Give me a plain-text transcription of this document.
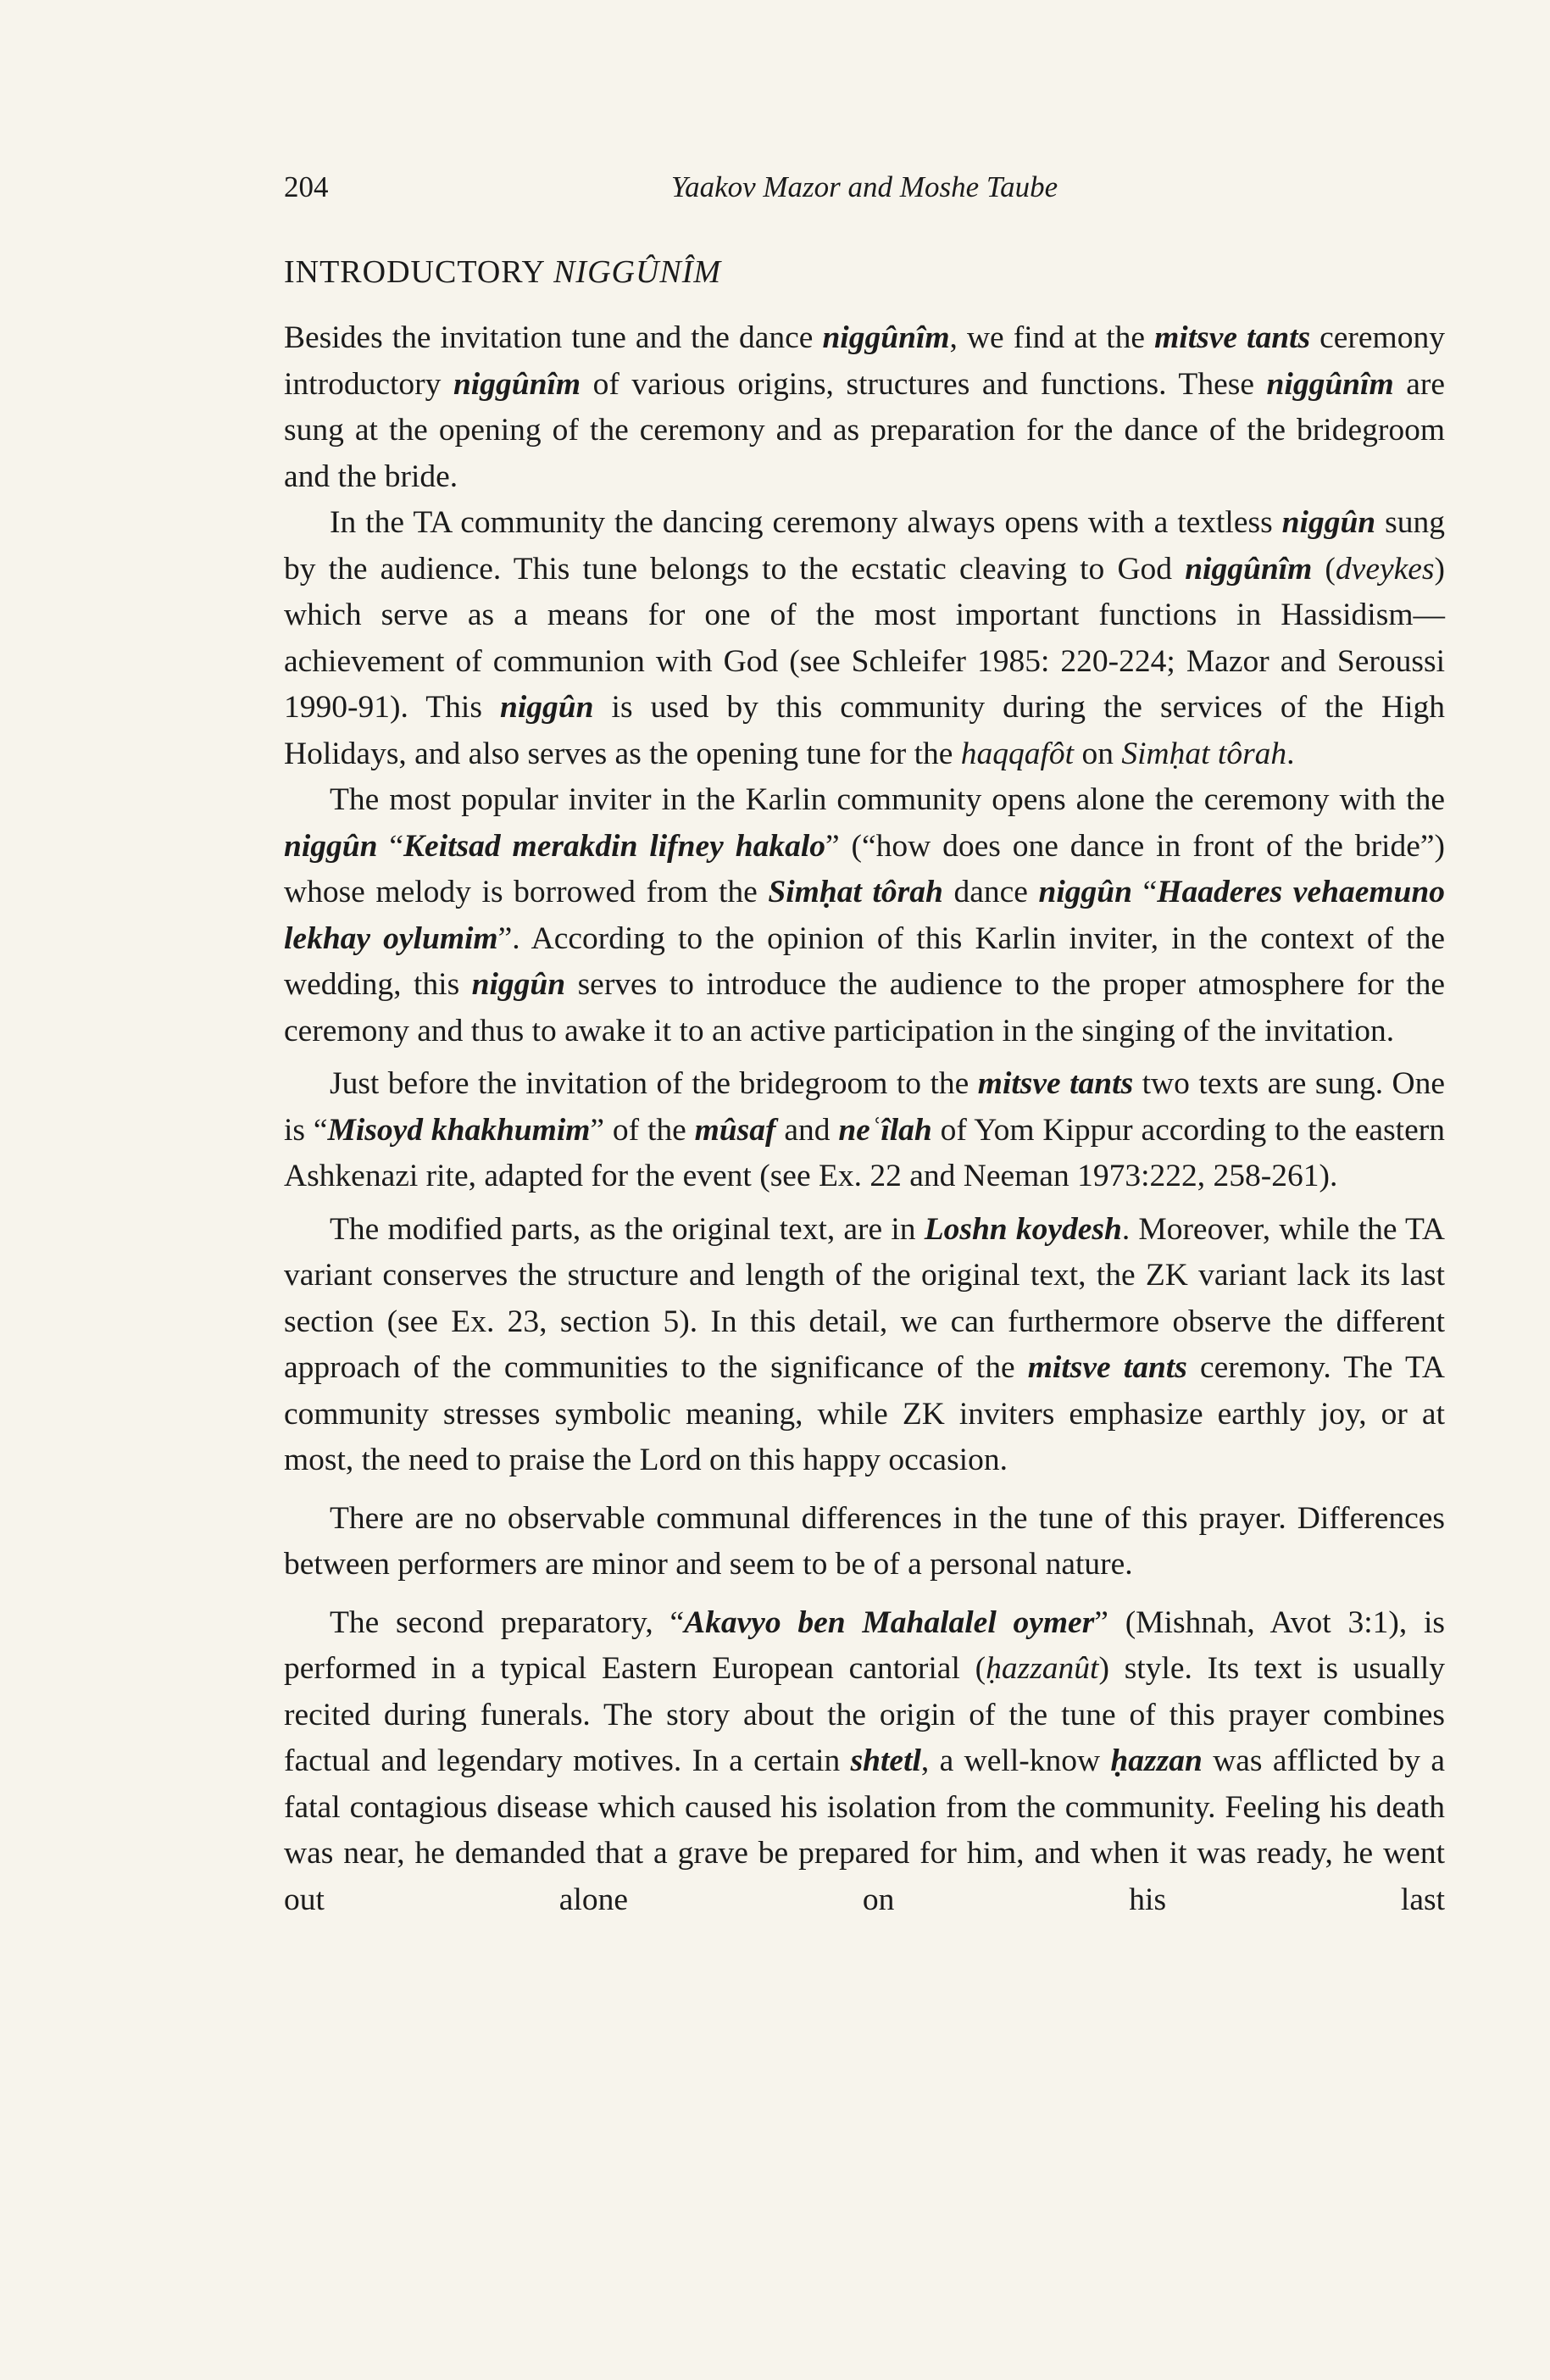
204	Yaakov Mazor and Moshe Taube
INTRODUCTORY NIGGÛNÎM

Besides the invitation tune and the dance niggûnîm, we find at the mitsve tants ceremony introductory niggûnîm of various origins, structures and functions. These niggûnîm are sung at the opening of the ceremony and as preparation for the dance of the bridegroom and the bride.

In the TA community the dancing ceremony always opens with a textless niggûn sung by the audience. This tune belongs to the ecstatic cleaving to God niggûnîm (dveykes) which serve as a means for one of the most important functions in Hassidism—achievement of communion with God (see Schleifer 1985: 220-224; Mazor and Seroussi 1990-91). This niggûn is used by this community during the services of the High Holidays, and also serves as the opening tune for the haqqafôt on Simḥat tôrah.

The most popular inviter in the Karlin community opens alone the ceremony with the niggûn “Keitsad merakdin lifney hakalo” (“how does one dance in front of the bride”) whose melody is borrowed from the Simḥat tôrah dance niggûn “Haaderes vehaemuno lekhay oylumim”. According to the opinion of this Karlin inviter, in the context of the wedding, this niggûn serves to introduce the audience to the proper atmosphere for the ceremony and thus to awake it to an active participation in the singing of the invitation.

Just before the invitation of the bridegroom to the mitsve tants two texts are sung. One is “Misoyd khakhumim” of the mûsaf and neʿîlah of Yom Kippur according to the eastern Ashkenazi rite, adapted for the event (see Ex. 22 and Neeman 1973:222, 258-261).

The modified parts, as the original text, are in Loshn koydesh. Moreover, while the TA variant conserves the structure and length of the original text, the ZK variant lack its last section (see Ex. 23, section 5). In this detail, we can furthermore observe the different approach of the communities to the significance of the mitsve tants ceremony. The TA community stresses symbolic meaning, while ZK inviters emphasize earthly joy, or at most, the need to praise the Lord on this happy occasion.

There are no observable communal differences in the tune of this prayer. Differences between performers are minor and seem to be of a personal nature.

The second preparatory, “Akavyo ben Mahalalel oymer” (Mishnah, Avot 3:1), is performed in a typical Eastern European cantorial (ḥazzanût) style. Its text is usually recited during funerals. The story about the origin of the tune of this prayer combines factual and legendary motives. In a certain shtetl, a well-know ḥazzan was afflicted by a fatal contagious disease which caused his isolation from the community. Feeling his death was near, he demanded that a grave be prepared for him, and when it was ready, he went out alone on his last
